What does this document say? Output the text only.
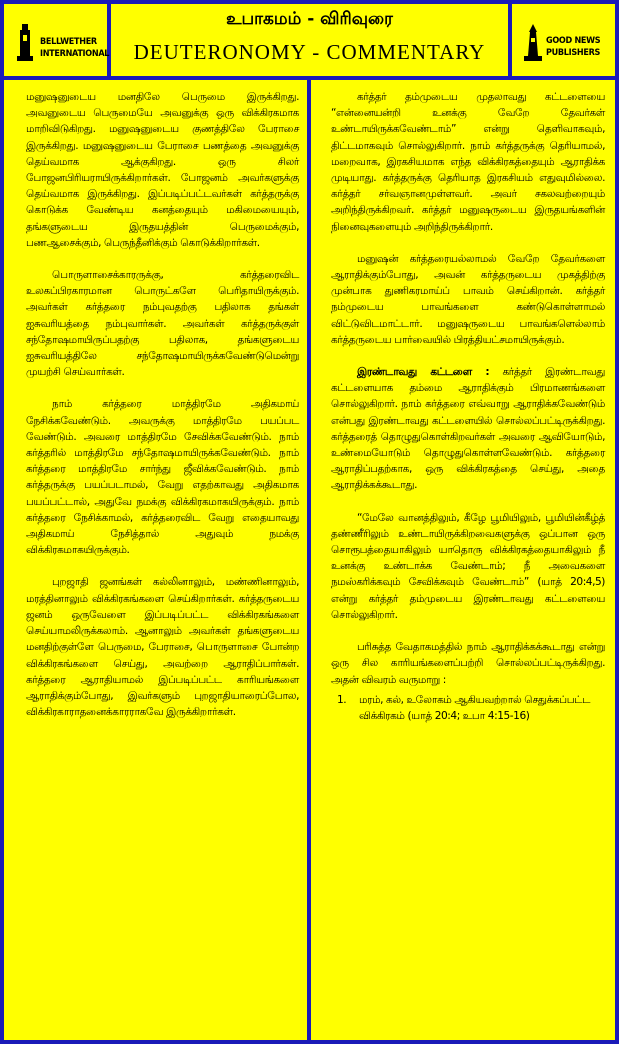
BELLWETHER INTERNATIONAL
உபாகமம் - விரிவுரை
DEUTERONOMY - COMMENTARY	GOOD NEWS PUBLISHERS

மனுஷனுடைய மனதிலே பெருமை இருக்கிறது. அவனுடைய பெருமையே அவனுக்கு ஒரு விக்கிரகமாக மாறிவிடுகிறது. மனுஷனுடைய குணத்திலே பேராசை இருக்கிறது. மனுஷனுடைய பேராசை பணத்தை அவனுக்கு தெய்வமாக ஆக்குகிறது. ஒரு சிலர் போஜனபிரியராயிருக்கிறார்கள். போஜனம் அவர்களுக்கு தெய்வமாக இருக்கிறது. இப்படிப்பட்டவர்கள் கர்த்தருக்கு கொடுக்க வேண்டிய கனத்தையும் மகிமையையும், தங்களுடைய இருதயத்தின் பெருமைக்கும், பணஆசைக்கும், பெருந்தீனிக்கும் கொடுக்கிறார்கள்.

பொருளாசைக்காரருக்கு, கர்த்தரைவிட உலகப்பிரகாரமான பொருட்களே பெரிதாயிருக்கும். அவர்கள் கர்த்தரை நம்புவதற்கு பதிலாக தங்கள் ஐசுவரியத்தை நம்புவார்கள். அவர்கள் கர்த்தருக்குள் சந்தோஷமாயிருப்பதற்கு பதிலாக, தங்களுடைய ஐசுவரியத்திலே சந்தோஷமாயிருக்கவேண்டுமென்று முயற்சி செய்வார்கள்.

நாம் கர்த்தரை மாத்திரமே அதிகமாய் நேசிக்கவேண்டும். அவருக்கு மாத்திரமே பயப்பட வேண்டும். அவரை மாத்திரமே சேவிக்கவேண்டும். நாம் கர்த்தரில் மாத்திரமே சந்தோஷமாயிருக்கவேண்டும். நாம் கர்த்தரை மாத்திரமே சார்ந்து ஜீவிக்கவேண்டும். நாம் கர்த்தருக்கு பயப்படாமல், வேறு எதற்காவது அதிகமாக பயப்பட்டால், அதுவே நமக்கு விக்கிரகமாகயிருக்கும். நாம் கர்த்தரை நேசிக்காமல், கர்த்தரைவிட வேறு எதையாவது அதிகமாய் நேசித்தால் அதுவும் நமக்கு விக்கிரகமாகயிருக்கும்.

புறஜாதி ஜனங்கள் கல்லினாலும், மண்ணினாலும், மரத்தினாலும் விக்கிரகங்களை செய்கிறார்கள். கர்த்தருடைய ஜனம் ஒருவேளை இப்படிப்பட்ட விக்கிரகங்களை செய்யாமலிருக்கலாம். ஆனாலும் அவர்கள் தங்களுடைய மனதிற்குள்ளே பெருமை, பேராசை, பொருளாசை போன்ற விக்கிரகங்களை செய்து, அவற்றை ஆராதிப்பார்கள். கர்த்தரை ஆராதியாமல் இப்படிப்பட்ட காரியங்களை ஆராதிக்கும்போது, இவர்களும் புறஜாதியாரைப்போல, விக்கிரகாராதனைக்காரராகவே இருக்கிறார்கள்.

கர்த்தர் தம்முடைய முதலாவது கட்டளையை “என்னையன்றி உனக்கு வேறே தேவர்கள் உண்டாயிருக்கவேண்டாம்” என்று தெளிவாகவும், திட்டமாகவும் சொல்லுகிறார். நாம் கர்த்தருக்கு தெரியாமல், மறைவாக, இரகசியமாக எந்த விக்கிரகத்தையும் ஆராதிக்க முடியாது. கர்த்தருக்கு தெரியாத இரகசியம் எதுவுமில்லை. கர்த்தர் சர்வஞானமுள்ளவர். அவர் சகலவற்றையும் அறிந்திருக்கிறவர். கர்த்தர் மனுஷருடைய இருதயங்களின் நினைவுகளையும் அறிந்திருக்கிறார்.

மனுஷன் கர்த்தரையல்லாமல் வேறே தேவர்களை ஆராதிக்கும்போது, அவன் கர்த்தருடைய முகத்திற்கு முன்பாக துணிகரமாய்ப் பாவம் செய்கிறான். கர்த்தர் நம்முடைய பாவங்களை கண்டுகொள்ளாமல் விட்டுவிடமாட்டார். மனுஷருடைய பாவங்களெல்லாம் கர்த்தருடைய பார்வையில் பிரத்தியட்சமாயிருக்கும்.

இரண்டாவது கட்டளை : கர்த்தர் இரண்டாவது கட்டளையாக தம்மை ஆராதிக்கும் பிரமாணங்களை சொல்லுகிறார். நாம் கர்த்தரை எவ்வாறு ஆராதிக்கவேண்டும் என்பது இரண்டாவது கட்டளையில் சொல்லப்பட்டிருக்கிறது. கர்த்தரைத் தொழுதுகொள்கிறவர்கள் அவரை ஆவியோடும், உண்மையோடும் தொழுதுகொள்ளவேண்டும். கர்த்தரை ஆராதிப்பதற்காக, ஒரு விக்கிரகத்தை செய்து, அதை ஆராதிக்கக்கூடாது.

“மேலே வானத்திலும், கீழே பூமியிலும், பூமியின்கீழ்த் தண்ணீரிலும் உண்டாயிருக்கிறவைகளுக்கு ஒப்பான ஒரு சொரூபத்தையாகிலும் யாதொரு விக்கிரகத்தையாகிலும் நீ உனக்கு உண்டாக்க வேண்டாம்; நீ அவைகளை நமஸ்கரிக்கவும் சேவிக்கவும் வேண்டாம்” (யாத் 20:4,5) என்று கர்த்தர் தம்முடைய இரண்டாவது கட்டளையை சொல்லுகிறார்.

பரிசுத்த வேதாகமத்தில் நாம் ஆராதிக்கக்கூடாது என்று ஒரு சில காரியங்களைப்பற்றி சொல்லப்பட்டிருக்கிறது. அதன் விவரம் வருமாறு :

1. மரம், கல், உலோகம் ஆகியவற்றால் செதுக்கப்பட்ட விக்கிரகம் (யாத் 20:4; உபா 4:15-16)
